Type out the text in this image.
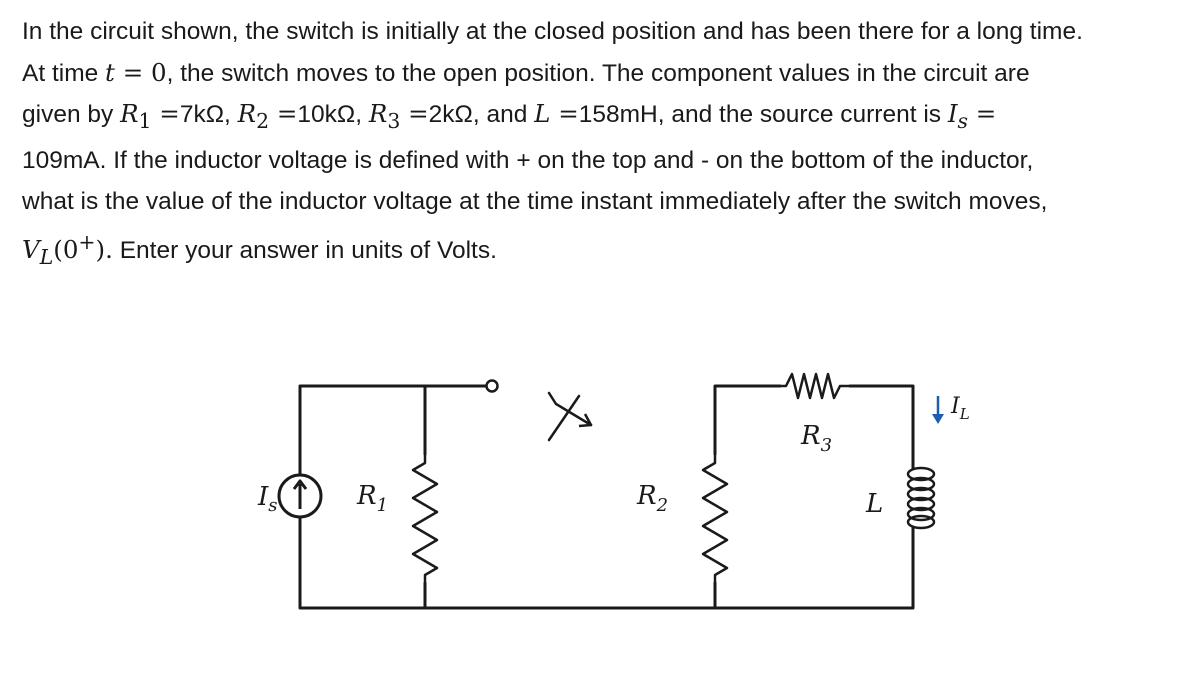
In the circuit shown, the switch is initially at the closed position and has been there for a long time.
At time t = 0, the switch moves to the open position. The component values in the circuit are
given by $R_1 =7k\Omega$, $R_2 =10k\Omega$, $R_3 =2k\Omega$, and L =158mH, and the source current is $I_s$ =
109mA. If the inductor voltage is defined with + on the top and - on the bottom of the inductor,
what is the value of the inductor voltage at the time instant immediately after the switch moves,
$V_L(0^+)$. Enter your answer in units of Volts.
$I_s$	$R_1$	$R_2$
$R_3$
L
$I_L$
